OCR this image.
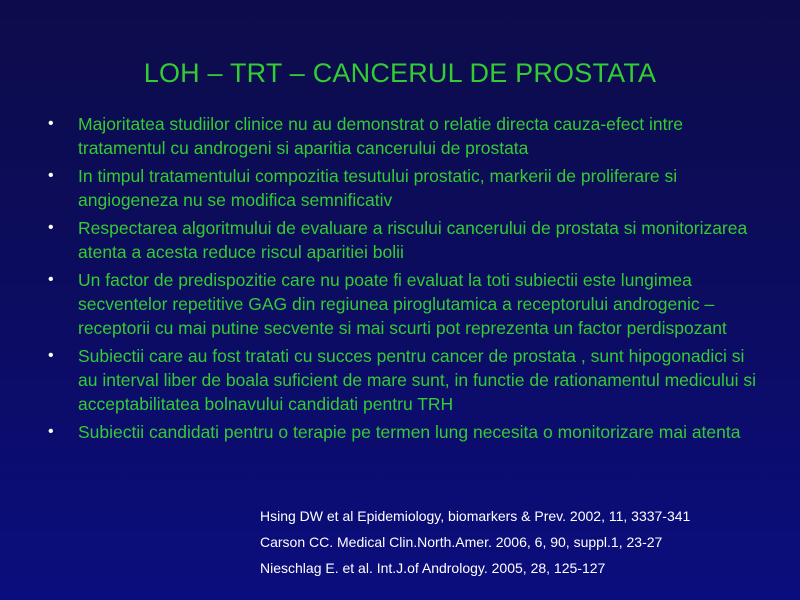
LOH – TRT – CANCERUL DE PROSTATA
• Majoritatea studiilor clinice nu au demonstrat o relatie directa cauza-efect intre tratamentul cu androgeni si aparitia cancerului de prostata
• In timpul tratamentului compozitia tesutului prostatic, markerii de proliferare si angiogeneza nu se modifica semnificativ
• Respectarea algoritmului de evaluare a riscului cancerului de prostata si monitorizarea atenta a acesta reduce riscul aparitiei bolii
• Un factor de predispozitie care nu poate fi evaluat la toti subiectii este lungimea secventelor repetitive GAG din regiunea piroglutamica a receptorului androgenic – receptorii cu mai putine secvente si mai scurti pot reprezenta un factor perdispozant
• Subiectii care au fost tratati cu succes pentru cancer de prostata , sunt hipogonadici si au interval liber de boala suficient de mare sunt, in functie de rationamentul medicului si acceptabilitatea bolnavului candidati pentru TRH
• Subiectii candidati pentru o terapie pe termen lung necesita o monitorizare mai atenta
Hsing DW et al Epidemiology, biomarkers & Prev. 2002, 11, 3337-341
Carson CC. Medical Clin.North.Amer. 2006, 6, 90, suppl.1, 23-27
Nieschlag E. et al. Int.J.of Andrology. 2005, 28, 125-127
